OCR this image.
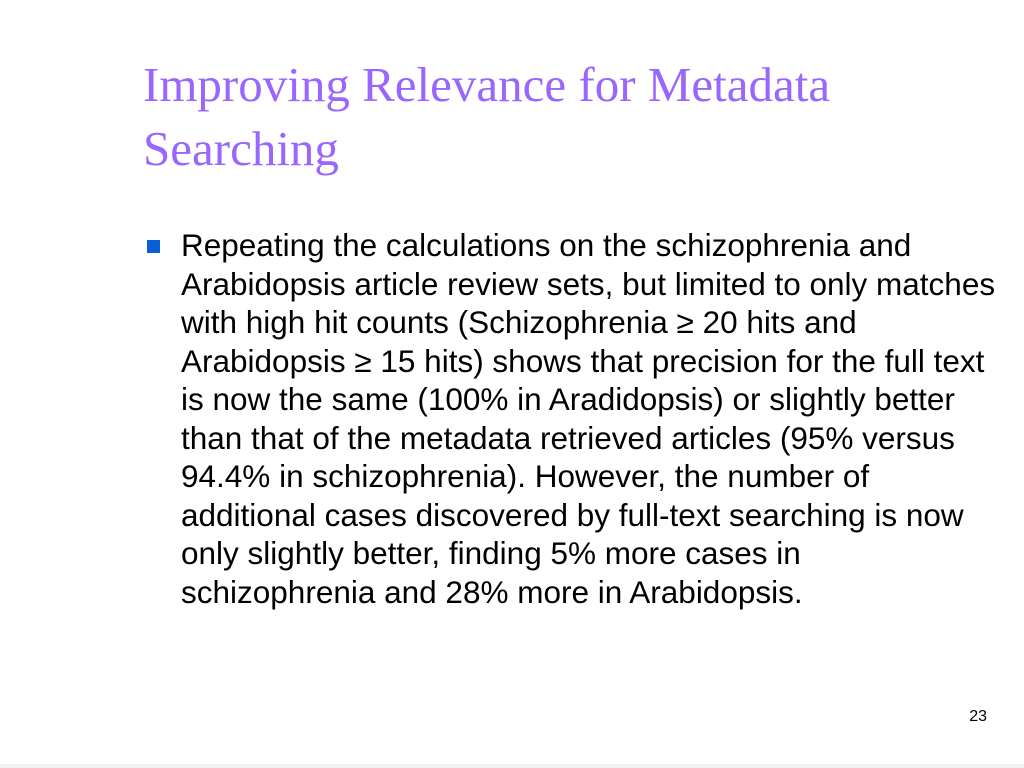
Improving Relevance for Metadata Searching
Repeating the calculations on the schizophrenia and Arabidopsis article review sets, but limited to only matches with high hit counts (Schizophrenia ≥ 20 hits and Arabidopsis ≥ 15 hits) shows that precision for the full text is now the same (100% in Aradidopsis) or slightly better than that of the metadata retrieved articles (95% versus 94.4% in schizophrenia). However, the number of additional cases discovered by full-text searching is now only slightly better, finding 5% more cases in schizophrenia and 28% more in Arabidopsis.
23
